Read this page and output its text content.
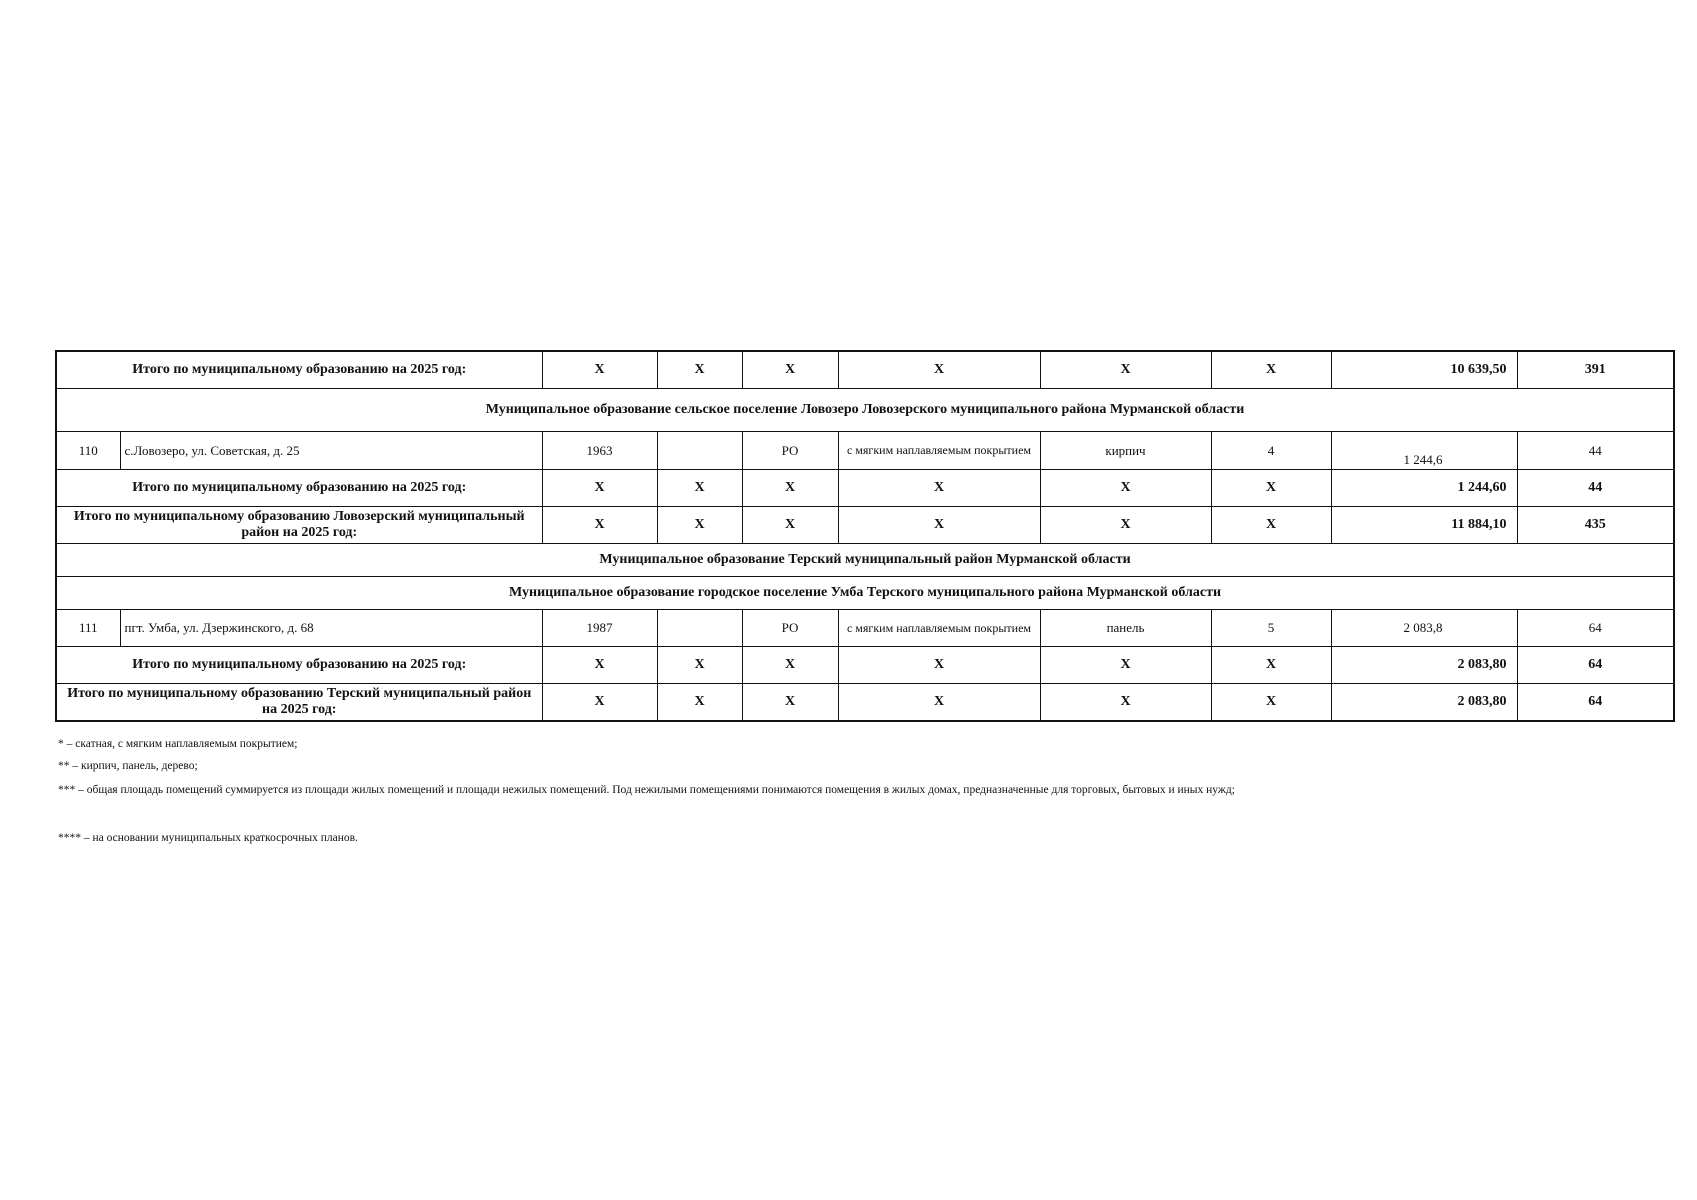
Итого по муниципальному образованию на 2025 год:		Х	Х	Х	Х	Х	Х	10 639,50	391
Муниципальное образование сельское поселение Ловозеро Ловозерского муниципального района Мурманской области									
110	с.Ловозеро, ул. Советская, д. 25	1963		РО	с мягким наплавляемым покрытием	кирпич	4	1 244,6	44
Итого по муниципальному образованию на 2025 год:		Х	Х	Х	Х	Х	Х	1 244,60	44
Итого по муниципальному образованию Ловозерский муниципальный район на 2025 год:		Х	Х	Х	Х	Х	Х	11 884,10	435
Муниципальное образование Терский муниципальный район Мурманской области									
Муниципальное образование городское поселение Умба Терского муниципального района Мурманской области									
111	пгт. Умба, ул. Дзержинского, д. 68	1987		РО	с мягким наплавляемым покрытием	панель	5	2 083,8	64
Итого по муниципальному образованию на 2025 год:		Х	Х	Х	Х	Х	Х	2 083,80	64
Итого по муниципальному образованию Терский муниципальный район на 2025 год:		Х	Х	Х	Х	Х	Х	2 083,80	64
* – скатная, с мягким наплавляемым покрытием;
** – кирпич, панель, дерево;
*** – общая площадь помещений суммируется из площади жилых помещений и площади нежилых помещений. Под нежилыми помещениями понимаются помещения в жилых домах, предназначенные для торговых, бытовых и иных нужд;
**** – на основании муниципальных краткосрочных планов.
